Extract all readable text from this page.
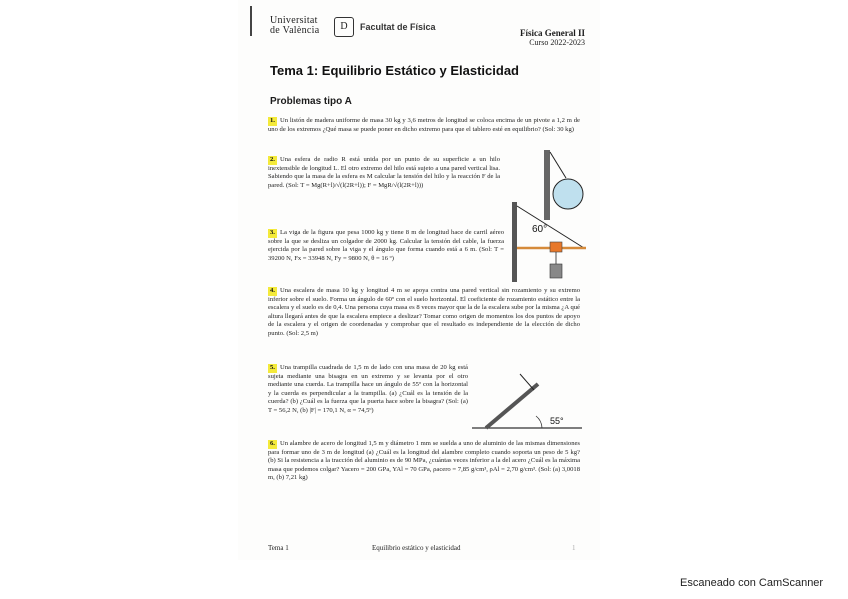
Universitat
de València	D	Facultat de Física
Física General II
Curso 2022-2023
Tema 1: Equilibrio Estático y Elasticidad
Problemas tipo A
1. Un listón de madera uniforme de masa 30 kg y 3,6 metros de longitud se coloca encima de un pivote a 1,2 m de uno de los extremos ¿Qué masa se puede poner en dicho extremo para que el tablero esté en equilibrio? (Sol: 30 kg)
2. Una esfera de radio R está unida por un punto de su superficie a un hilo inextensible de longitud L. El otro extremo del hilo está sujeto a una pared vertical lisa. Sabiendo que la masa de la esfera es M calcular la tensión del hilo y la reacción F de la pared. (Sol: T = Mg(R+l)/√(l(2R+l)); F = MgR/√(l(2R+l)))
3. La viga de la figura que pesa 1000 kg y tiene 8 m de longitud hace de carril aéreo sobre la que se desliza un colgador de 2000 kg. Calcular la tensión del cable, la fuerza ejercida por la pared sobre la viga y el ángulo que forma cuando está a 6 m. (Sol: T = 39200 N, Fx = 33948 N, Fy = 9800 N, θ = 16 º)
60°
4. Una escalera de masa 10 kg y longitud 4 m se apoya contra una pared vertical sin rozamiento y su extremo inferior sobre el suelo. Forma un ángulo de 60º con el suelo horizontal. El coeficiente de rozamiento estático entre la escalera y el suelo es de 0,4. Una persona cuya masa es 8 veces mayor que la de la escalera sube por la misma ¿A qué altura llegará antes de que la escalera empiece a deslizar? Tomar como origen de momentos los dos puntos de apoyo de la escalera y el origen de coordenadas y comprobar que el resultado es independiente de la elección de dicho punto. (Sol: 2,5 m)
5. Una trampilla cuadrada de 1,5 m de lado con una masa de 20 kg está sujeta mediante una bisagra en un extremo y se levanta por el otro mediante una cuerda. La trampilla hace un ángulo de 55º con la horizontal y la cuerda es perpendicular a la trampilla. (a) ¿Cuál es la tensión de la cuerda? (b) ¿Cuál es la fuerza que la puerta hace sobre la bisagra? (Sol: (a) T = 56,2 N, (b) |F| = 170,1 N, α = 74,5º)
55°
6. Un alambre de acero de longitud 1,5 m y diámetro 1 mm se suelda a uno de aluminio de las mismas dimensiones para formar uno de 3 m de longitud (a) ¿Cuál es la longitud del alambre completo cuando soporta un peso de 5 kg? (b) Si la resistencia a la tracción del aluminio es de 90 MPa, ¿cuántas veces inferior a la del acero ¿Cuál es la máxima masa que podemos colgar? Yacero = 200 GPa, YAl = 70 GPa, ρacero = 7,85 g/cm³, ρAl = 2,70 g/cm³. (Sol: (a) 3,0018 m, (b) 7,21 kg)
Tema 1	Equilibrio estático y elasticidad	1
Escaneado con CamScanner
